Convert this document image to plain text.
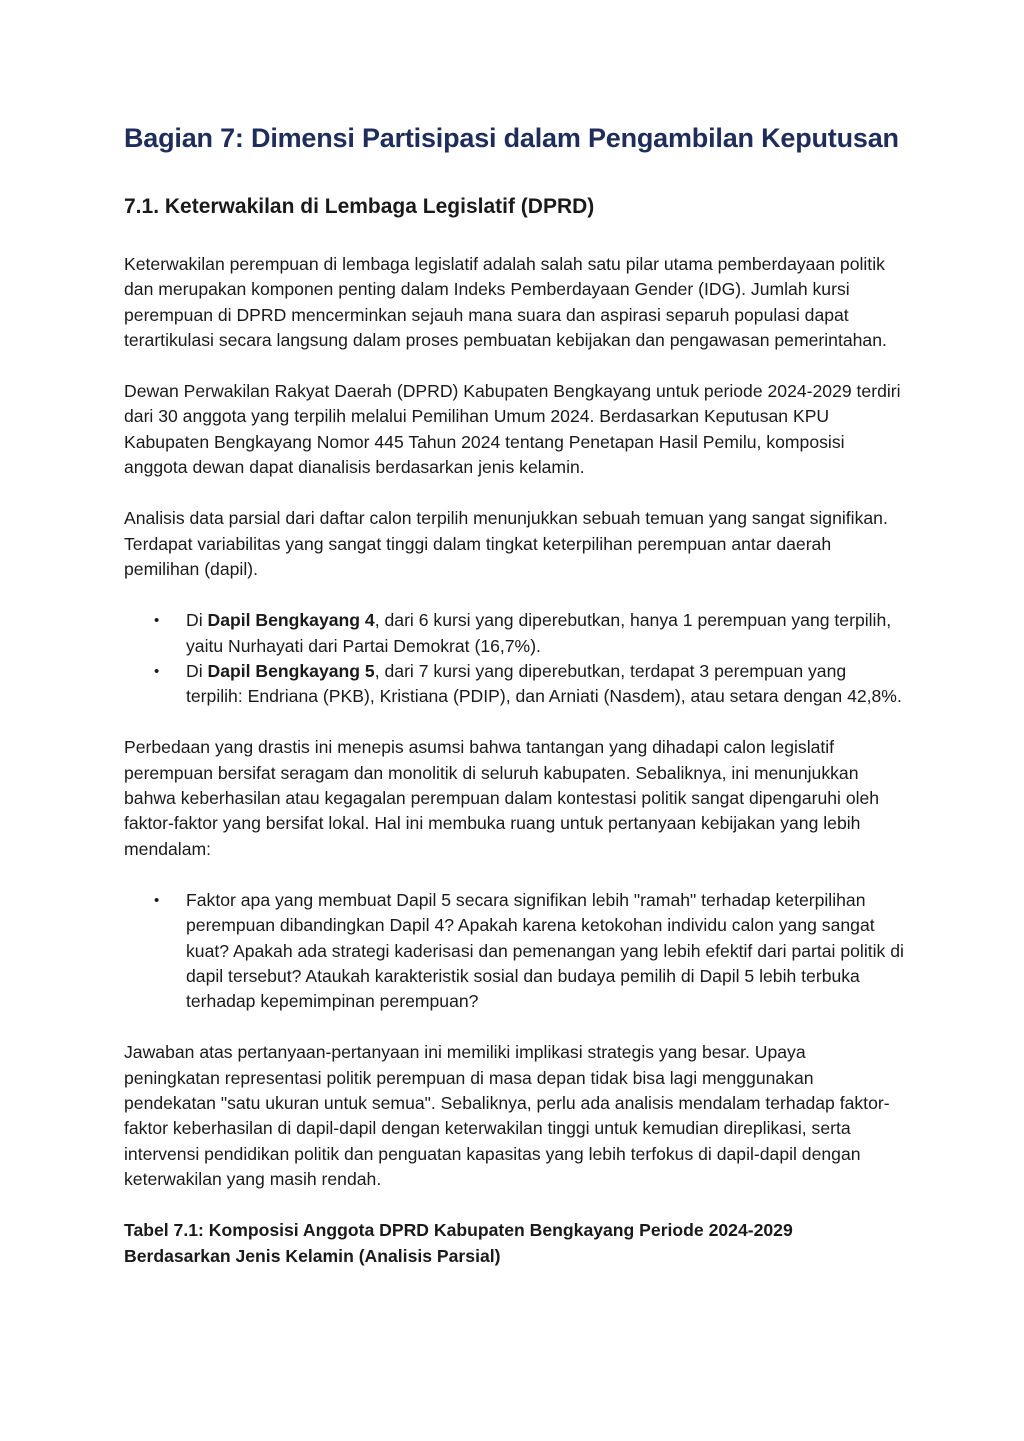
Bagian 7: Dimensi Partisipasi dalam Pengambilan Keputusan
7.1. Keterwakilan di Lembaga Legislatif (DPRD)

Keterwakilan perempuan di lembaga legislatif adalah salah satu pilar utama pemberdayaan politik dan merupakan komponen penting dalam Indeks Pemberdayaan Gender (IDG). Jumlah kursi perempuan di DPRD mencerminkan sejauh mana suara dan aspirasi separuh populasi dapat terartikulasi secara langsung dalam proses pembuatan kebijakan dan pengawasan pemerintahan.

Dewan Perwakilan Rakyat Daerah (DPRD) Kabupaten Bengkayang untuk periode 2024-2029 terdiri dari 30 anggota yang terpilih melalui Pemilihan Umum 2024. Berdasarkan Keputusan KPU Kabupaten Bengkayang Nomor 445 Tahun 2024 tentang Penetapan Hasil Pemilu, komposisi anggota dewan dapat dianalisis berdasarkan jenis kelamin.

Analisis data parsial dari daftar calon terpilih menunjukkan sebuah temuan yang sangat signifikan. Terdapat variabilitas yang sangat tinggi dalam tingkat keterpilihan perempuan antar daerah pemilihan (dapil).

• Di Dapil Bengkayang 4, dari 6 kursi yang diperebutkan, hanya 1 perempuan yang terpilih, yaitu Nurhayati dari Partai Demokrat (16,7%).
• Di Dapil Bengkayang 5, dari 7 kursi yang diperebutkan, terdapat 3 perempuan yang terpilih: Endriana (PKB), Kristiana (PDIP), dan Arniati (Nasdem), atau setara dengan 42,8%.

Perbedaan yang drastis ini menepis asumsi bahwa tantangan yang dihadapi calon legislatif perempuan bersifat seragam dan monolitik di seluruh kabupaten. Sebaliknya, ini menunjukkan bahwa keberhasilan atau kegagalan perempuan dalam kontestasi politik sangat dipengaruhi oleh faktor-faktor yang bersifat lokal. Hal ini membuka ruang untuk pertanyaan kebijakan yang lebih mendalam:

• Faktor apa yang membuat Dapil 5 secara signifikan lebih "ramah" terhadap keterpilihan perempuan dibandingkan Dapil 4? Apakah karena ketokohan individu calon yang sangat kuat? Apakah ada strategi kaderisasi dan pemenangan yang lebih efektif dari partai politik di dapil tersebut? Ataukah karakteristik sosial dan budaya pemilih di Dapil 5 lebih terbuka terhadap kepemimpinan perempuan?

Jawaban atas pertanyaan-pertanyaan ini memiliki implikasi strategis yang besar. Upaya peningkatan representasi politik perempuan di masa depan tidak bisa lagi menggunakan pendekatan "satu ukuran untuk semua". Sebaliknya, perlu ada analisis mendalam terhadap faktor-faktor keberhasilan di dapil-dapil dengan keterwakilan tinggi untuk kemudian direplikasi, serta intervensi pendidikan politik dan penguatan kapasitas yang lebih terfokus di dapil-dapil dengan keterwakilan yang masih rendah.

Tabel 7.1: Komposisi Anggota DPRD Kabupaten Bengkayang Periode 2024-2029 Berdasarkan Jenis Kelamin (Analisis Parsial)
